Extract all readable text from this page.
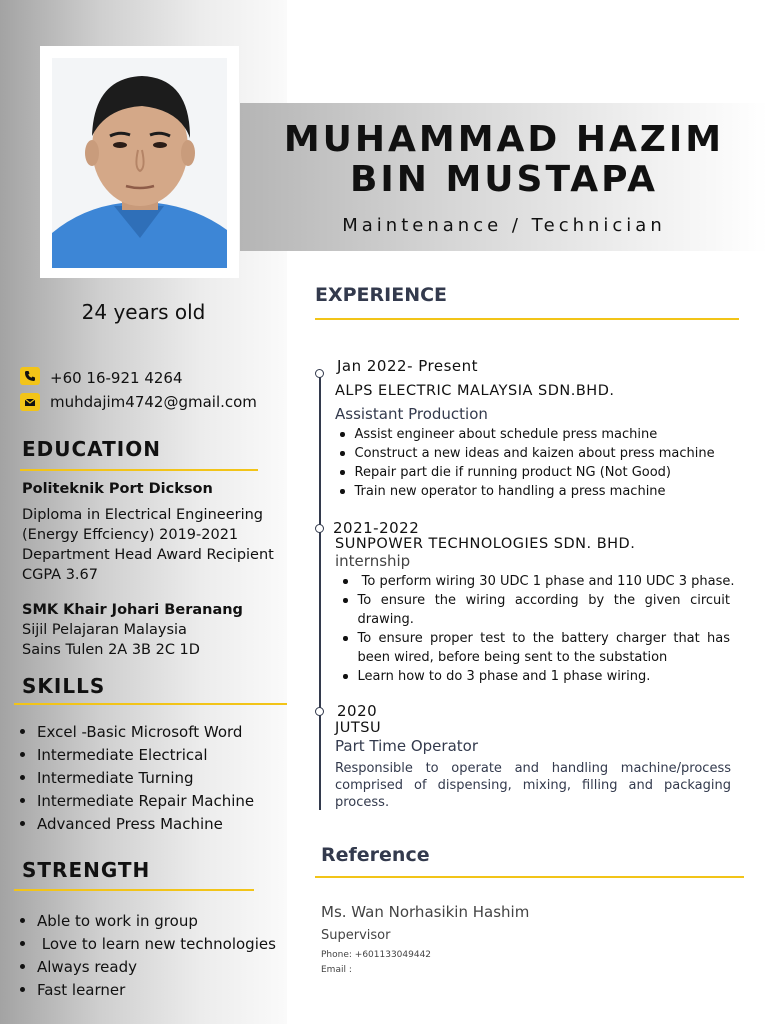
24 years old
+60 16-921 4264
muhdajim4742@gmail.com
EDUCATION
Politeknik Port Dickson
Diploma in Electrical Engineering
(Energy Effciency) 2019-2021
Department Head Award Recipient
CGPA 3.67
SMK Khair Johari Beranang
Sijil Pelajaran Malaysia
Sains Tulen 2A 3B 2C 1D
SKILLS
Excel -Basic Microsoft Word
Intermediate Electrical
Intermediate Turning
Intermediate Repair Machine
Advanced Press Machine
STRENGTH
Able to work in group
Love to learn new technologies
Always ready
Fast learner
MUHAMMAD HAZIM
BIN MUSTAPA
Maintenance / Technician
EXPERIENCE
Jan 2022- Present
ALPS ELECTRIC MALAYSIA SDN.BHD.
Assistant Production
Assist engineer about schedule press machine
Construct a new ideas and kaizen about press machine
Repair part die if running product NG (Not Good)
Train new operator to handling a press machine
2021-2022
SUNPOWER TECHNOLOGIES SDN. BHD.
internship
To perform wiring 30 UDC 1 phase and 110 UDC 3 phase.
To ensure the wiring according by the given circuit drawing.
To ensure proper test to the battery charger that has been wired, before being sent to the substation
Learn how to do 3 phase and 1 phase wiring.
2020
JUTSU
Part Time Operator
Responsible to operate and handling machine/process comprised of dispensing, mixing, filling and packaging process.
Reference
Ms. Wan Norhasikin Hashim
Supervisor
Phone: +601133049442
Email :
